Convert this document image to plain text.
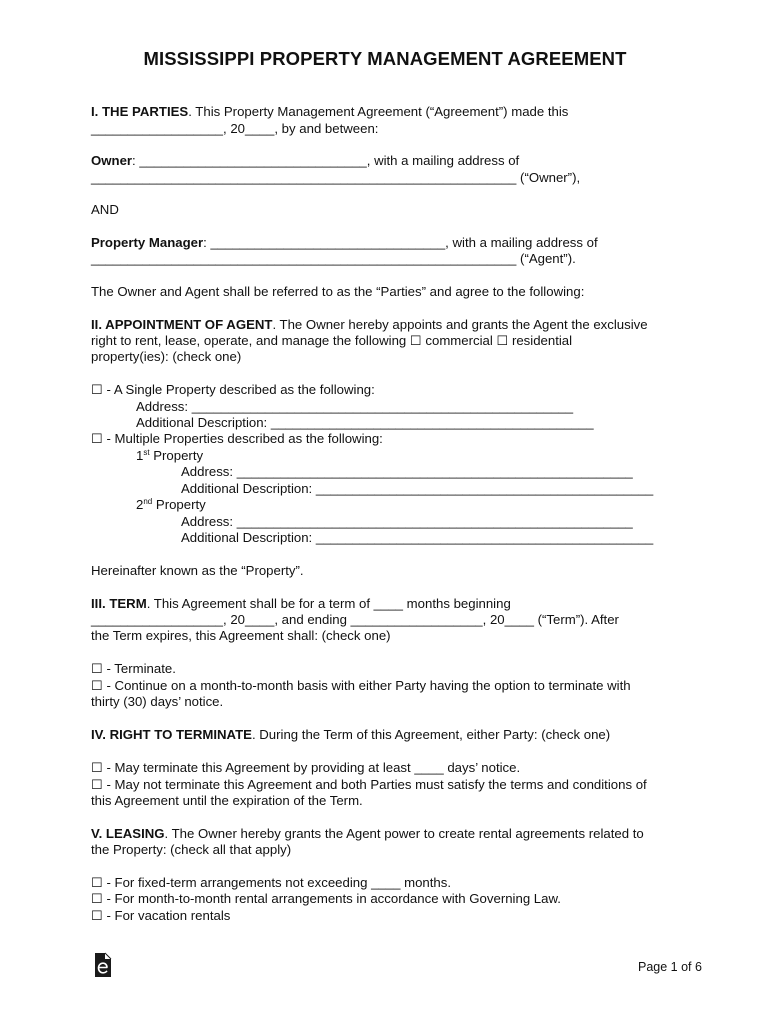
MISSISSIPPI PROPERTY MANAGEMENT AGREEMENT
I. THE PARTIES. This Property Management Agreement (“Agreement”) made this
__________________, 20____, by and between:
Owner: _______________________________, with a mailing address of
__________________________________________________________ (“Owner”),
AND
Property Manager: ________________________________, with a mailing address of
__________________________________________________________ (“Agent”).
The Owner and Agent shall be referred to as the “Parties” and agree to the following:
II. APPOINTMENT OF AGENT. The Owner hereby appoints and grants the Agent the exclusive
right to rent, lease, operate, and manage the following ☐ commercial ☐ residential
property(ies): (check one)
☐ - A Single Property described as the following:
Address: ____________________________________________________
Additional Description: ____________________________________________
☐ - Multiple Properties described as the following:
1st Property
Address: ______________________________________________________
Additional Description: ______________________________________________
2nd Property
Address: ______________________________________________________
Additional Description: ______________________________________________
Hereinafter known as the “Property”.
III. TERM. This Agreement shall be for a term of ____ months beginning
__________________, 20____, and ending __________________, 20____ (“Term”). After
the Term expires, this Agreement shall: (check one)
☐ - Terminate.
☐ - Continue on a month-to-month basis with either Party having the option to terminate with
thirty (30) days’ notice.
IV. RIGHT TO TERMINATE. During the Term of this Agreement, either Party: (check one)
☐ - May terminate this Agreement by providing at least ____ days’ notice.
☐ - May not terminate this Agreement and both Parties must satisfy the terms and conditions of
this Agreement until the expiration of the Term.
V. LEASING. The Owner hereby grants the Agent power to create rental agreements related to
the Property: (check all that apply)
☐ - For fixed-term arrangements not exceeding ____ months.
☐ - For month-to-month rental arrangements in accordance with Governing Law.
☐ - For vacation rentals
Page 1 of 6
